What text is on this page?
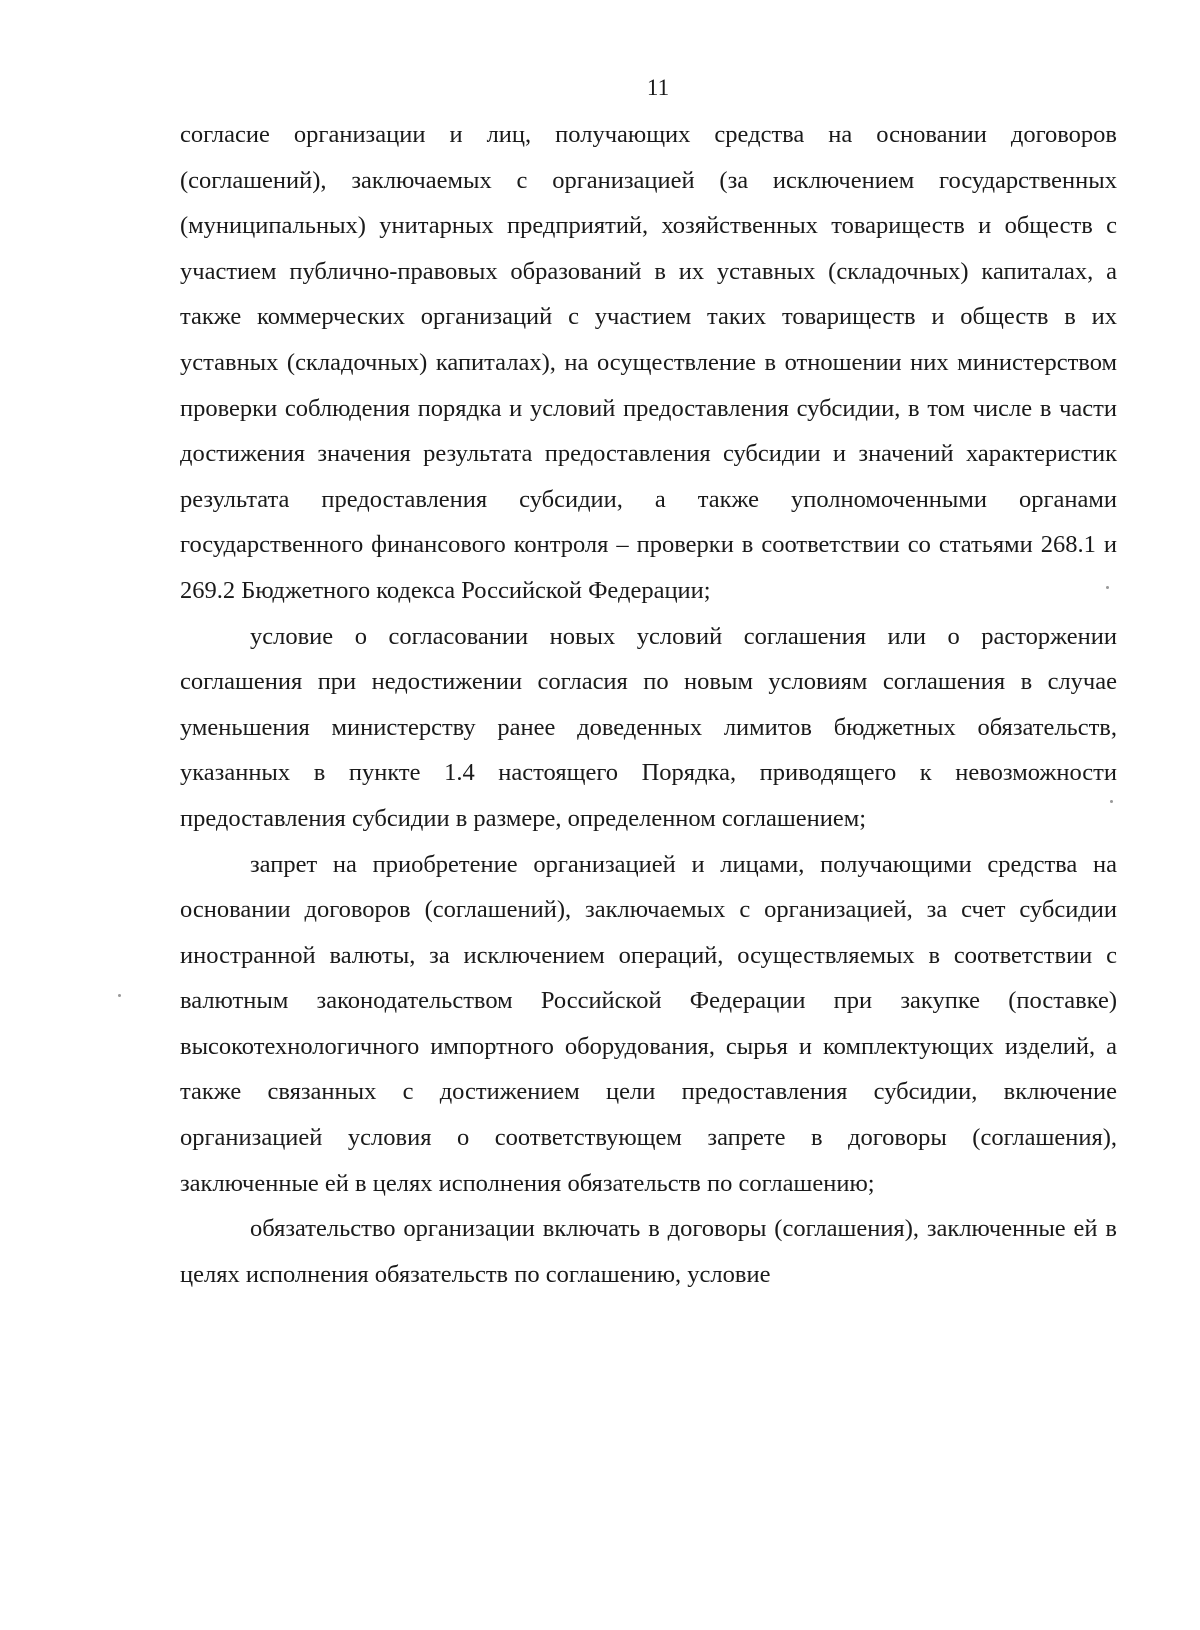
11

согласие организации и лиц, получающих средства на основании договоров (соглашений), заключаемых с организацией (за исключением государственных (муниципальных) унитарных предприятий, хозяйственных товариществ и обществ с участием публично-правовых образований в их уставных (складочных) капиталах, а также коммерческих организаций с участием таких товариществ и обществ в их уставных (складочных) капиталах), на осуществление в отношении них министерством проверки соблюдения порядка и условий предоставления субсидии, в том числе в части достижения значения результата предоставления субсидии и значений характеристик результата предоставления субсидии, а также уполномоченными органами государственного финансового контроля – проверки в соответствии со статьями 268.1 и 269.2 Бюджетного кодекса Российской Федерации;

условие о согласовании новых условий соглашения или о расторжении соглашения при недостижении согласия по новым условиям соглашения в случае уменьшения министерству ранее доведенных лимитов бюджетных обязательств, указанных в пункте 1.4 настоящего Порядка, приводящего к невозможности предоставления субсидии в размере, определенном соглашением;

запрет на приобретение организацией и лицами, получающими средства на основании договоров (соглашений), заключаемых с организацией, за счет субсидии иностранной валюты, за исключением операций, осуществляемых в соответствии с валютным законодательством Российской Федерации при закупке (поставке) высокотехнологичного импортного оборудования, сырья и комплектующих изделий, а также связанных с достижением цели предоставления субсидии, включение организацией условия о соответствующем запрете в договоры (соглашения), заключенные ей в целях исполнения обязательств по соглашению;

обязательство организации включать в договоры (соглашения), заключенные ей в целях исполнения обязательств по соглашению, условие
